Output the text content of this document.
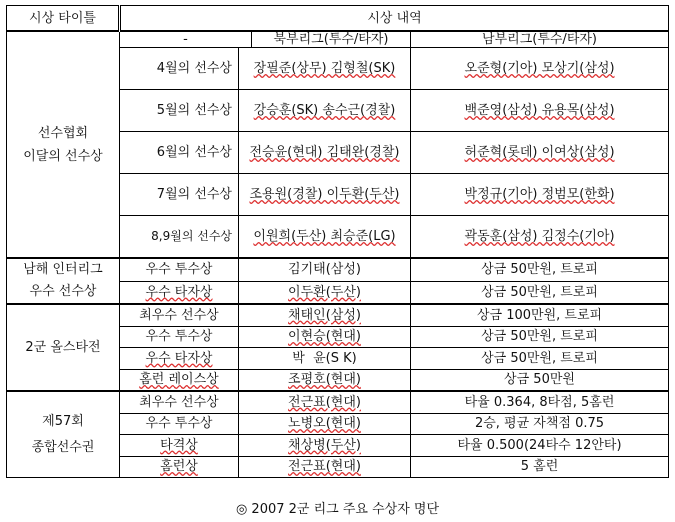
시상 타이틀	시상 내역			
선수협회
이달의 선수상	-		북부리그(투수/타자)	남부리그(투수/타자)
	4월의 선수상	장필준(상무) 김형철(SK)		오준형(기아) 모상기(삼성)
	5월의 선수상	강승훈(SK) 송수근(경찰)		백준영(삼성) 유용목(삼성)
	6월의 선수상	전승윤(현대) 김태완(경찰)		허준혁(롯데) 이여상(삼성)
	7월의 선수상	조용원(경찰) 이두환(두산)		박정규(기아) 정범모(한화)
	8,9월의 선수상	이원희(두산) 최승준(LG)		곽동훈(삼성) 김정수(기아)
남해 인터리그
우수 선수상	우수 투수상	김기태(삼성)		상금 50만원, 트로피
	우수 타자상	이두환(두산)		상금 50만원, 트로피
2군 올스타전	최우수 선수상	채태인(삼성)		상금 100만원, 트로피
	우수 투수상	이현승(현대)		상금 50만원, 트로피
	우수 타자상	박  윤(S K)		상금 50만원, 트로피
	홈런 레이스상	조평호(현대)		상금 50만원
제57회
종합선수권	최우수 선수상	전근표(현대)		타율 0.364, 8타점, 5홈런
	우수 투수상	노병오(현대)		2승, 평균 자책점 0.75
	타격상	채상병(두산)		타율 0.500(24타수 12안타)
	홈런상	전근표(현대)		5 홈런
◎ 2007 2군 리그 주요 수상자 명단
